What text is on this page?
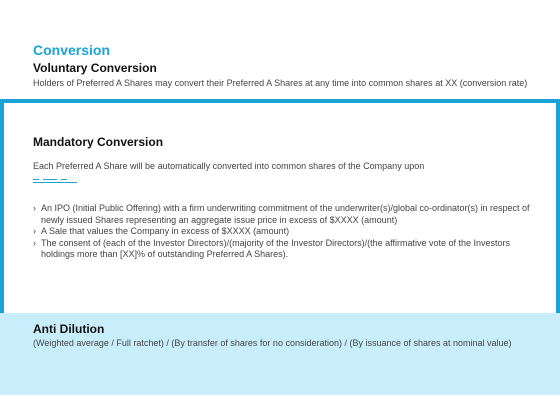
Conversion
Voluntary Conversion
Holders of Preferred A Shares may convert their Preferred A Shares at any time into common shares at XX (conversion rate)
Mandatory Conversion
Each Preferred A Share will be automatically converted into common shares of the Company upon
› An IPO (Initial Public Offering) with a firm underwriting commitment of the underwriter(s)/global co-ordinator(s) in respect of newly issued Shares representing an aggregate issue price in excess of $XXXX (amount)
› A Sale that values the Company in excess of $XXXX (amount)
› The consent of (each of the Investor Directors)/(majority of the Investor Directors)/(the affirmative vote of the Investors holdings more than [XX]% of outstanding Preferred A Shares).
Anti Dilution
(Weighted average / Full ratchet) / (By transfer of shares for no consideration) / (By issuance of shares at nominal value)
